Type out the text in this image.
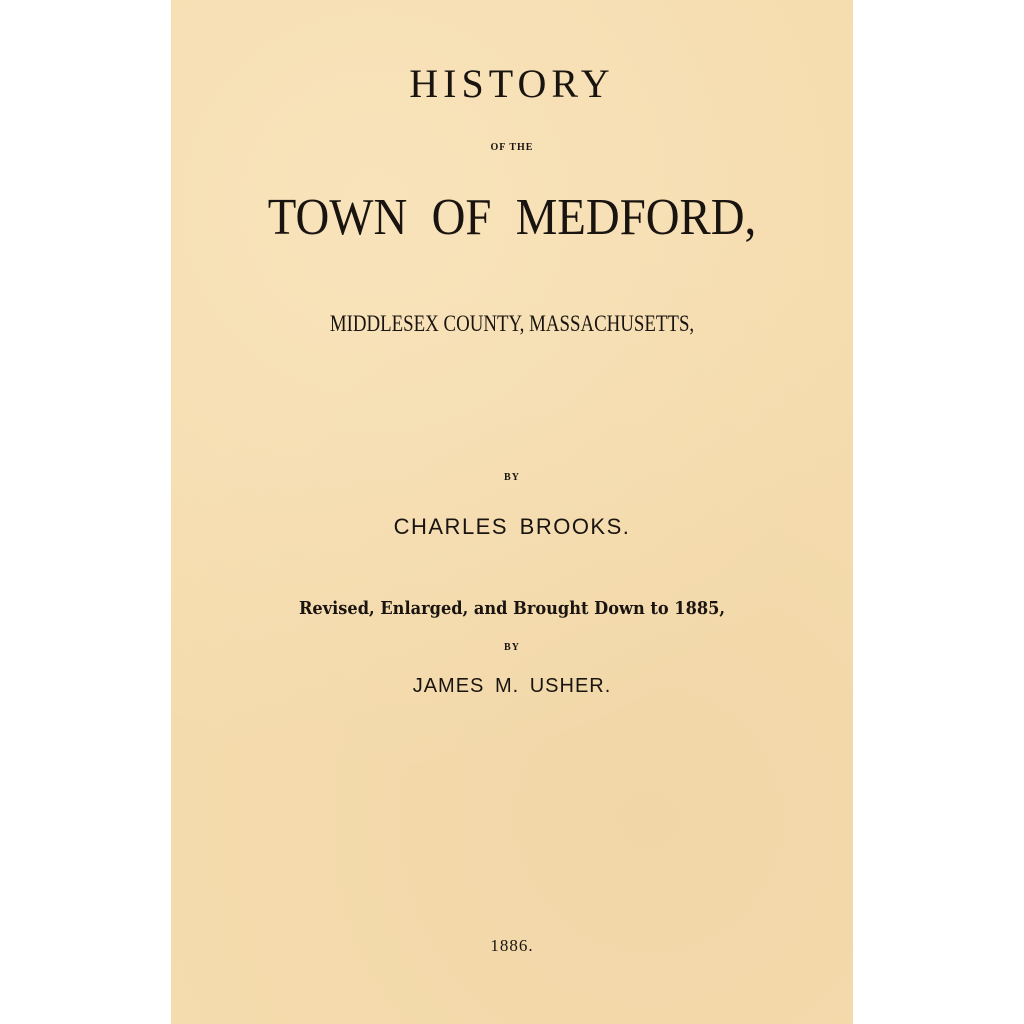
HISTORY
OF THE
TOWN OF MEDFORD,
MIDDLESEX COUNTY, MASSACHUSETTS,
BY
CHARLES BROOKS.
Revised, Enlarged, and Brought Down to 1885,
BY
JAMES M. USHER.
1886.
